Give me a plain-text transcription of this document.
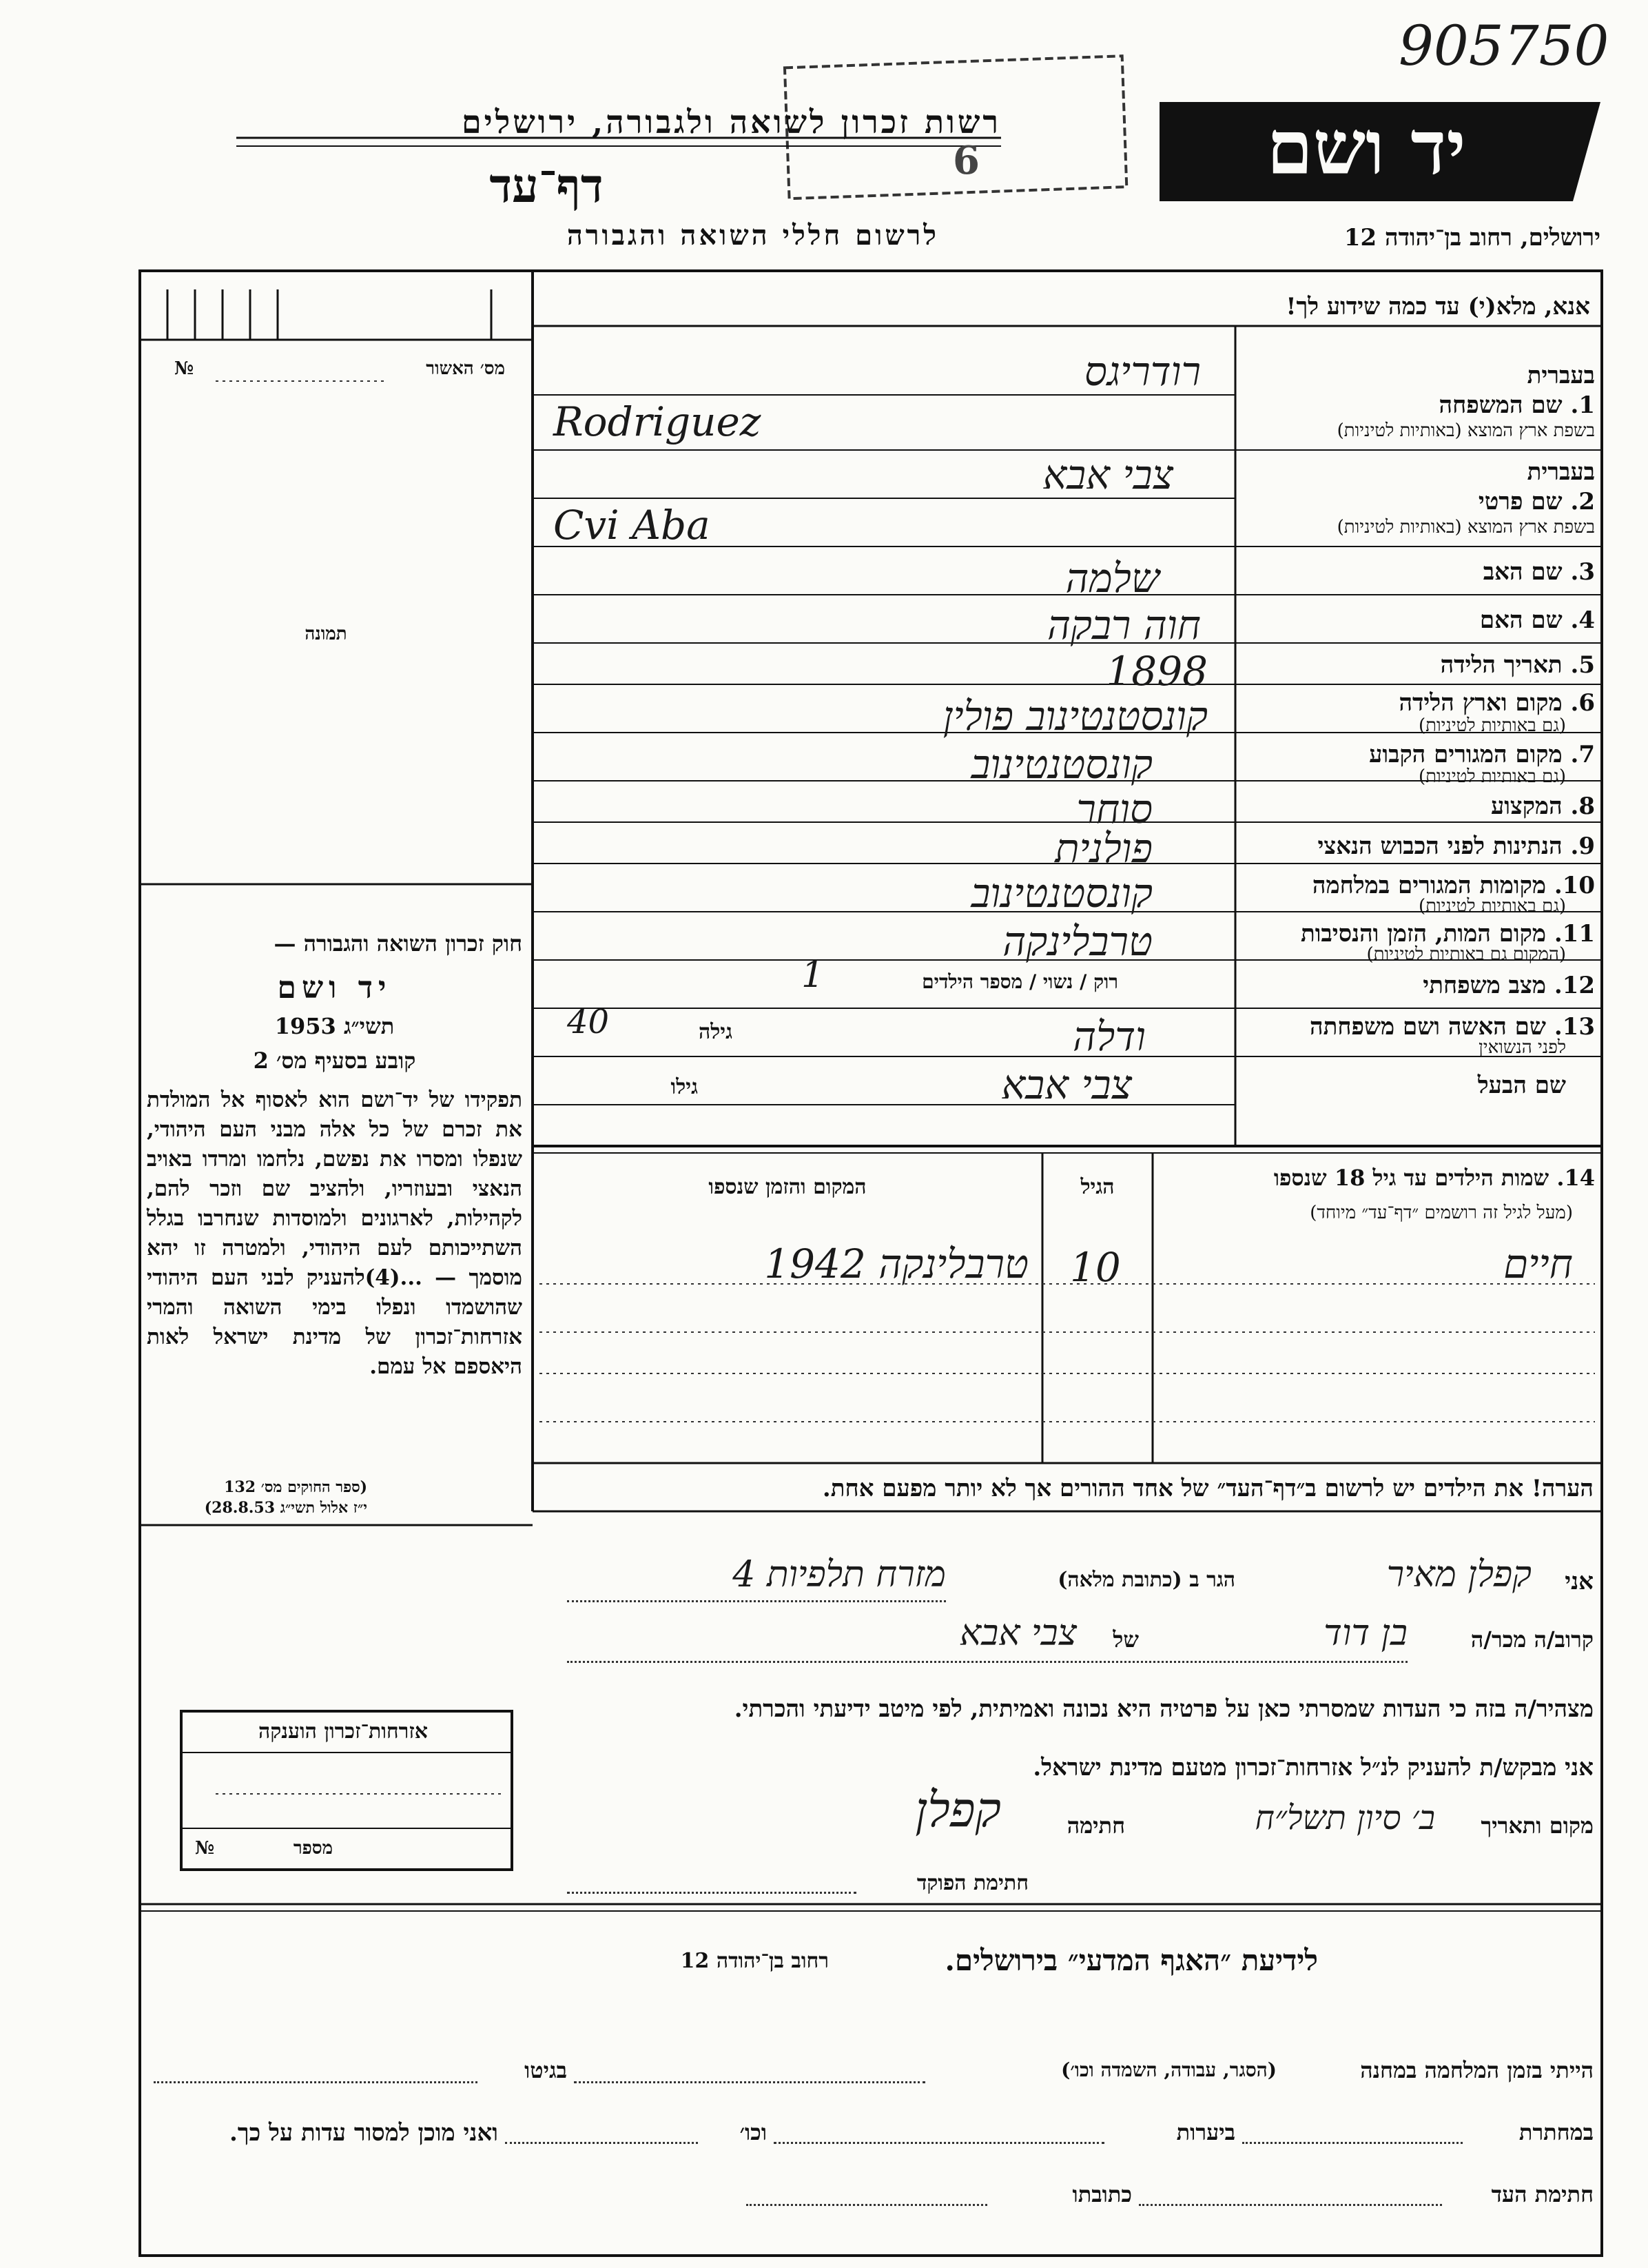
905750
רשות זכרון לשואה ולגבורה, ירושלים
דף־עד
לרשום חללי השואה והגבורה
יד ושם
ירושלים, רחוב בן־יהודה 12
6
מס׳ האשור
№
תמונה
חוק זכרון השואה והגבורה —
יד ושם
תשי״ג 1953
קובע בסעיף מס׳ 2
תפקידו של יד־ושם הוא לאסוף אל המולדת את זכרם של כל אלה מבני העם היהודי, שנפלו ומסרו את נפשם, נלחמו ומרדו באויב הנאצי ובעוזריו, ולהציב שם וזכר להם, לקהילות, לארגונים ולמוסדות שנחרבו בגלל השתייכותם לעם היהודי, ולמטרה זו יהא מוסמך — ...(4)להעניק לבני העם היהודי שהושמדו ונפלו בימי השואה והמרי אזרחות־זכרון של מדינת ישראל לאות היאספם אל עמם.
(ספר החוקים מס׳ 132
י״ז אלול תשי״ג 28.8.53)
אזרחות־זכרון הוענקה
מספר
№
אנא, מלא(י) עד כמה שידוע לך!
בעברית
1. שם המשפחה
בשפת ארץ המוצא (באותיות לטיניות)
בעברית
2. שם פרטי
בשפת ארץ המוצא (באותיות לטיניות)
3. שם האב
4. שם האם
5. תאריך הלידה
6. מקום וארץ הלידה
(גם באותיות לטיניות)
7. מקום המגורים הקבוע
(גם באותיות לטיניות)
8. המקצוע
9. הנתינות לפני הכבוש הנאצי
10. מקומות המגורים במלחמה
(גם באותיות לטיניות)
11. מקום המות, הזמן והנסיבות
(המקום גם באותיות לטיניות)
12. מצב משפחתי
13. שם האשה ושם משפחתה
לפני הנשואין
שם הבעל
רודריגס
Rodriguez
צבי אבא
Cvi Aba
שלמה
חוה רבקה
1898
קונסטנטינוב פולין
קונסטנטינוב
סוחר
פולנית
קונסטנטינוב
טרבלינקה
רוק / נשוי / מספר הילדים
1
ודלה
גילה
40
צבי אבא
גילו
14. שמות הילדים עד גיל 18 שנספו
(מעל לגיל זה רושמים ״דף־עד״ מיוחד)
הגיל
המקום והזמן שנספו
חיים
10
טרבלינקה 1942
הערה! את הילדים יש לרשום ב״דף־העד״ של אחד ההורים אך לא יותר מפעם אחת.
אני
קפלן מאיר
הגר ב (כתובת מלאה)
מזרח תלפיות 4
קרוב/ה מכר/ה
בן דוד
של
צבי אבא
מצהיר/ה בזה כי העדות שמסרתי כאן על פרטיה היא נכונה ואמיתית, לפי מיטב ידיעתי והכרתי.
אני מבקש/ת להעניק לנ״ל אזרחות־זכרון מטעם מדינת ישראל.
מקום ותאריך
ב׳ סיון תשל״ח
חתימה
קפלן
חתימת הפוקד
לידיעת ״האגף המדעי״ בירושלים.
רחוב בן־יהודה 12
הייתי בזמן המלחמה במחנה
(הסגר, עבודה, השמדה וכו׳)
בגיטו
במחתרת
ביערות
וכו׳
ואני מוכן למסור עדות על כך.
חתימת העד
כתובתו
